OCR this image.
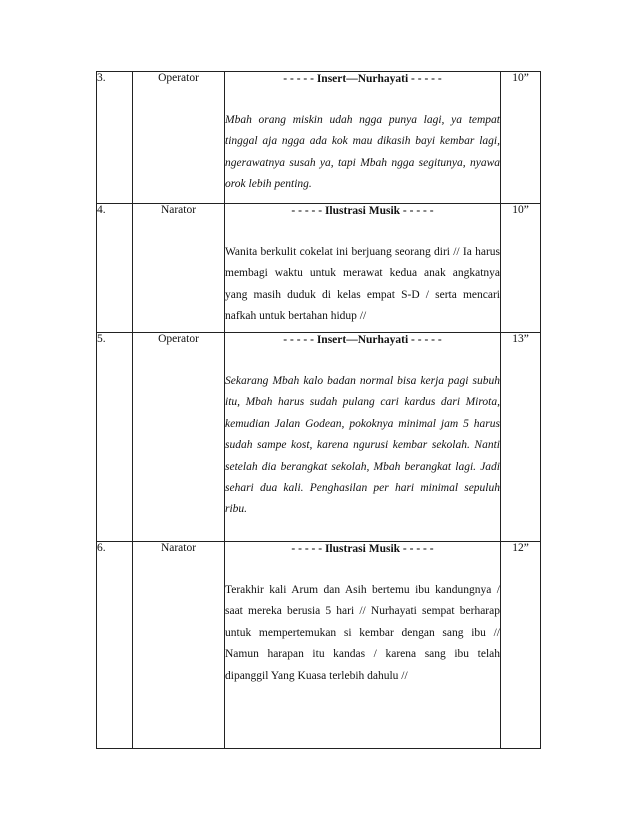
3.	Operator	- - - - - Insert—Nurhayati - - - - -

Mbah orang miskin udah ngga punya lagi, ya tempat tinggal aja ngga ada kok mau dikasih bayi kembar lagi, ngerawatnya susah ya, tapi Mbah ngga segitunya, nyawa orok lebih penting.	10”
4.	Narator	- - - - - Ilustrasi Musik - - - - -

Wanita berkulit cokelat ini berjuang seorang diri // Ia harus membagi waktu untuk merawat kedua anak angkatnya yang masih duduk di kelas empat S-D / serta mencari nafkah untuk bertahan hidup //	10”
5.	Operator	- - - - - Insert—Nurhayati - - - - -

Sekarang Mbah kalo badan normal bisa kerja pagi subuh itu, Mbah harus sudah pulang cari kardus dari Mirota, kemudian Jalan Godean, pokoknya minimal jam 5 harus sudah sampe kost, karena ngurusi kembar sekolah. Nanti setelah dia berangkat sekolah, Mbah berangkat lagi. Jadi sehari dua kali. Penghasilan per hari minimal sepuluh ribu.	13”
6.	Narator	- - - - - Ilustrasi Musik - - - - -

Terakhir kali Arum dan Asih bertemu ibu kandungnya / saat mereka berusia 5 hari // Nurhayati sempat berharap untuk mempertemukan si kembar dengan sang ibu // Namun harapan itu kandas / karena sang ibu telah dipanggil Yang Kuasa terlebih dahulu //	12”
